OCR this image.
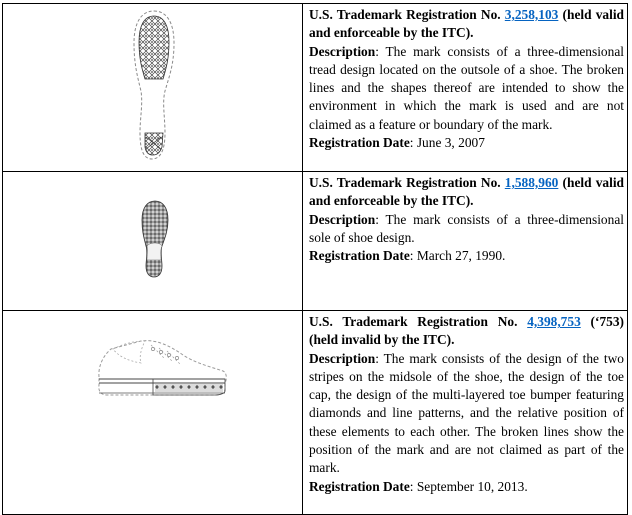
	U.S. Trademark Registration No. 3,258,103 (held valid and enforceable by the ITC).
Description: The mark consists of a three-dimensional tread design located on the outsole of a shoe. The broken lines and the shapes thereof are intended to show the environment in which the mark is used and are not claimed as a feature or boundary of the mark.
Registration Date: June 3, 2007

	U.S. Trademark Registration No. 1,588,960 (held valid and enforceable by the ITC).
Description: The mark consists of a three-dimensional sole of shoe design.
Registration Date: March 27, 1990.

	U.S. Trademark Registration No. 4,398,753 (‘753) (held invalid by the ITC).
Description: The mark consists of the design of the two stripes on the midsole of the shoe, the design of the toe cap, the design of the multi-layered toe bumper featuring diamonds and line patterns, and the relative position of these elements to each other. The broken lines show the position of the mark and are not claimed as part of the mark.
Registration Date: September 10, 2013.
